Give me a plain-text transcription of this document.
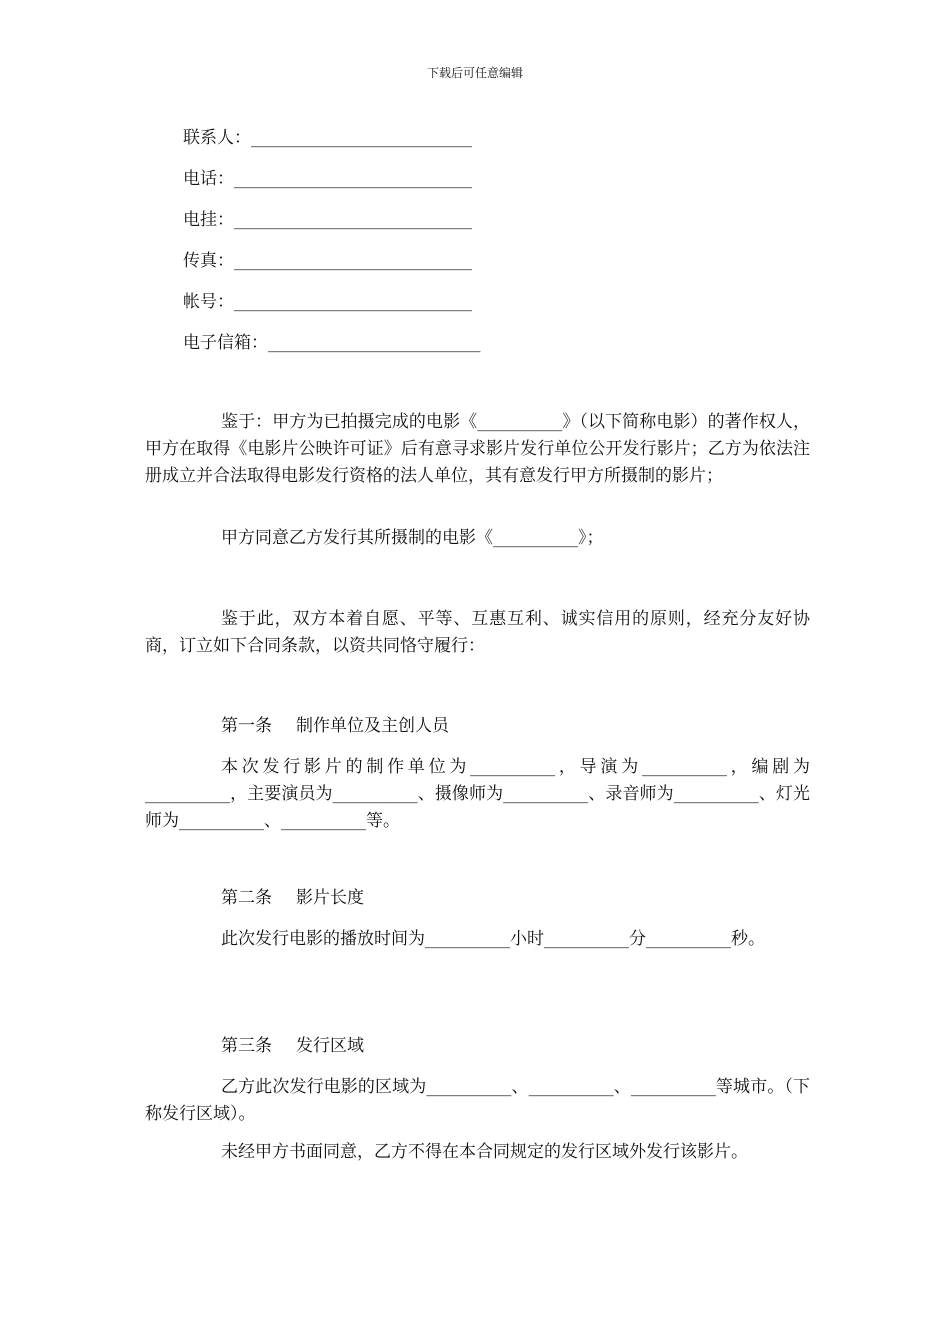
下载后可任意编辑
联系人：__________________________
电话：____________________________
电挂：____________________________
传真：____________________________
帐号：____________________________
电子信箱：_________________________

鉴于：甲方为已拍摄完成的电影《__________》（以下简称电影）的著作权人，甲方在取得《电影片公映许可证》后有意寻求影片发行单位公开发行影片；乙方为依法注册成立并合法取得电影发行资格的法人单位，其有意发行甲方所摄制的影片；

甲方同意乙方发行其所摄制的电影《__________》；

鉴于此，双方本着自愿、平等、互惠互利、诚实信用的原则，经充分友好协商，订立如下合同条款，以资共同恪守履行：

第一条 制作单位及主创人员

本次发行影片的制作单位为__________，导演为__________，编剧为__________，主要演员为__________、摄像师为__________、录音师为__________、灯光师为__________、__________等。

第二条 影片长度

此次发行电影的播放时间为__________小时__________分__________秒。

第三条 发行区域

乙方此次发行电影的区域为__________、__________、__________等城市。（下称发行区域）。

未经甲方书面同意，乙方不得在本合同规定的发行区域外发行该影片。
